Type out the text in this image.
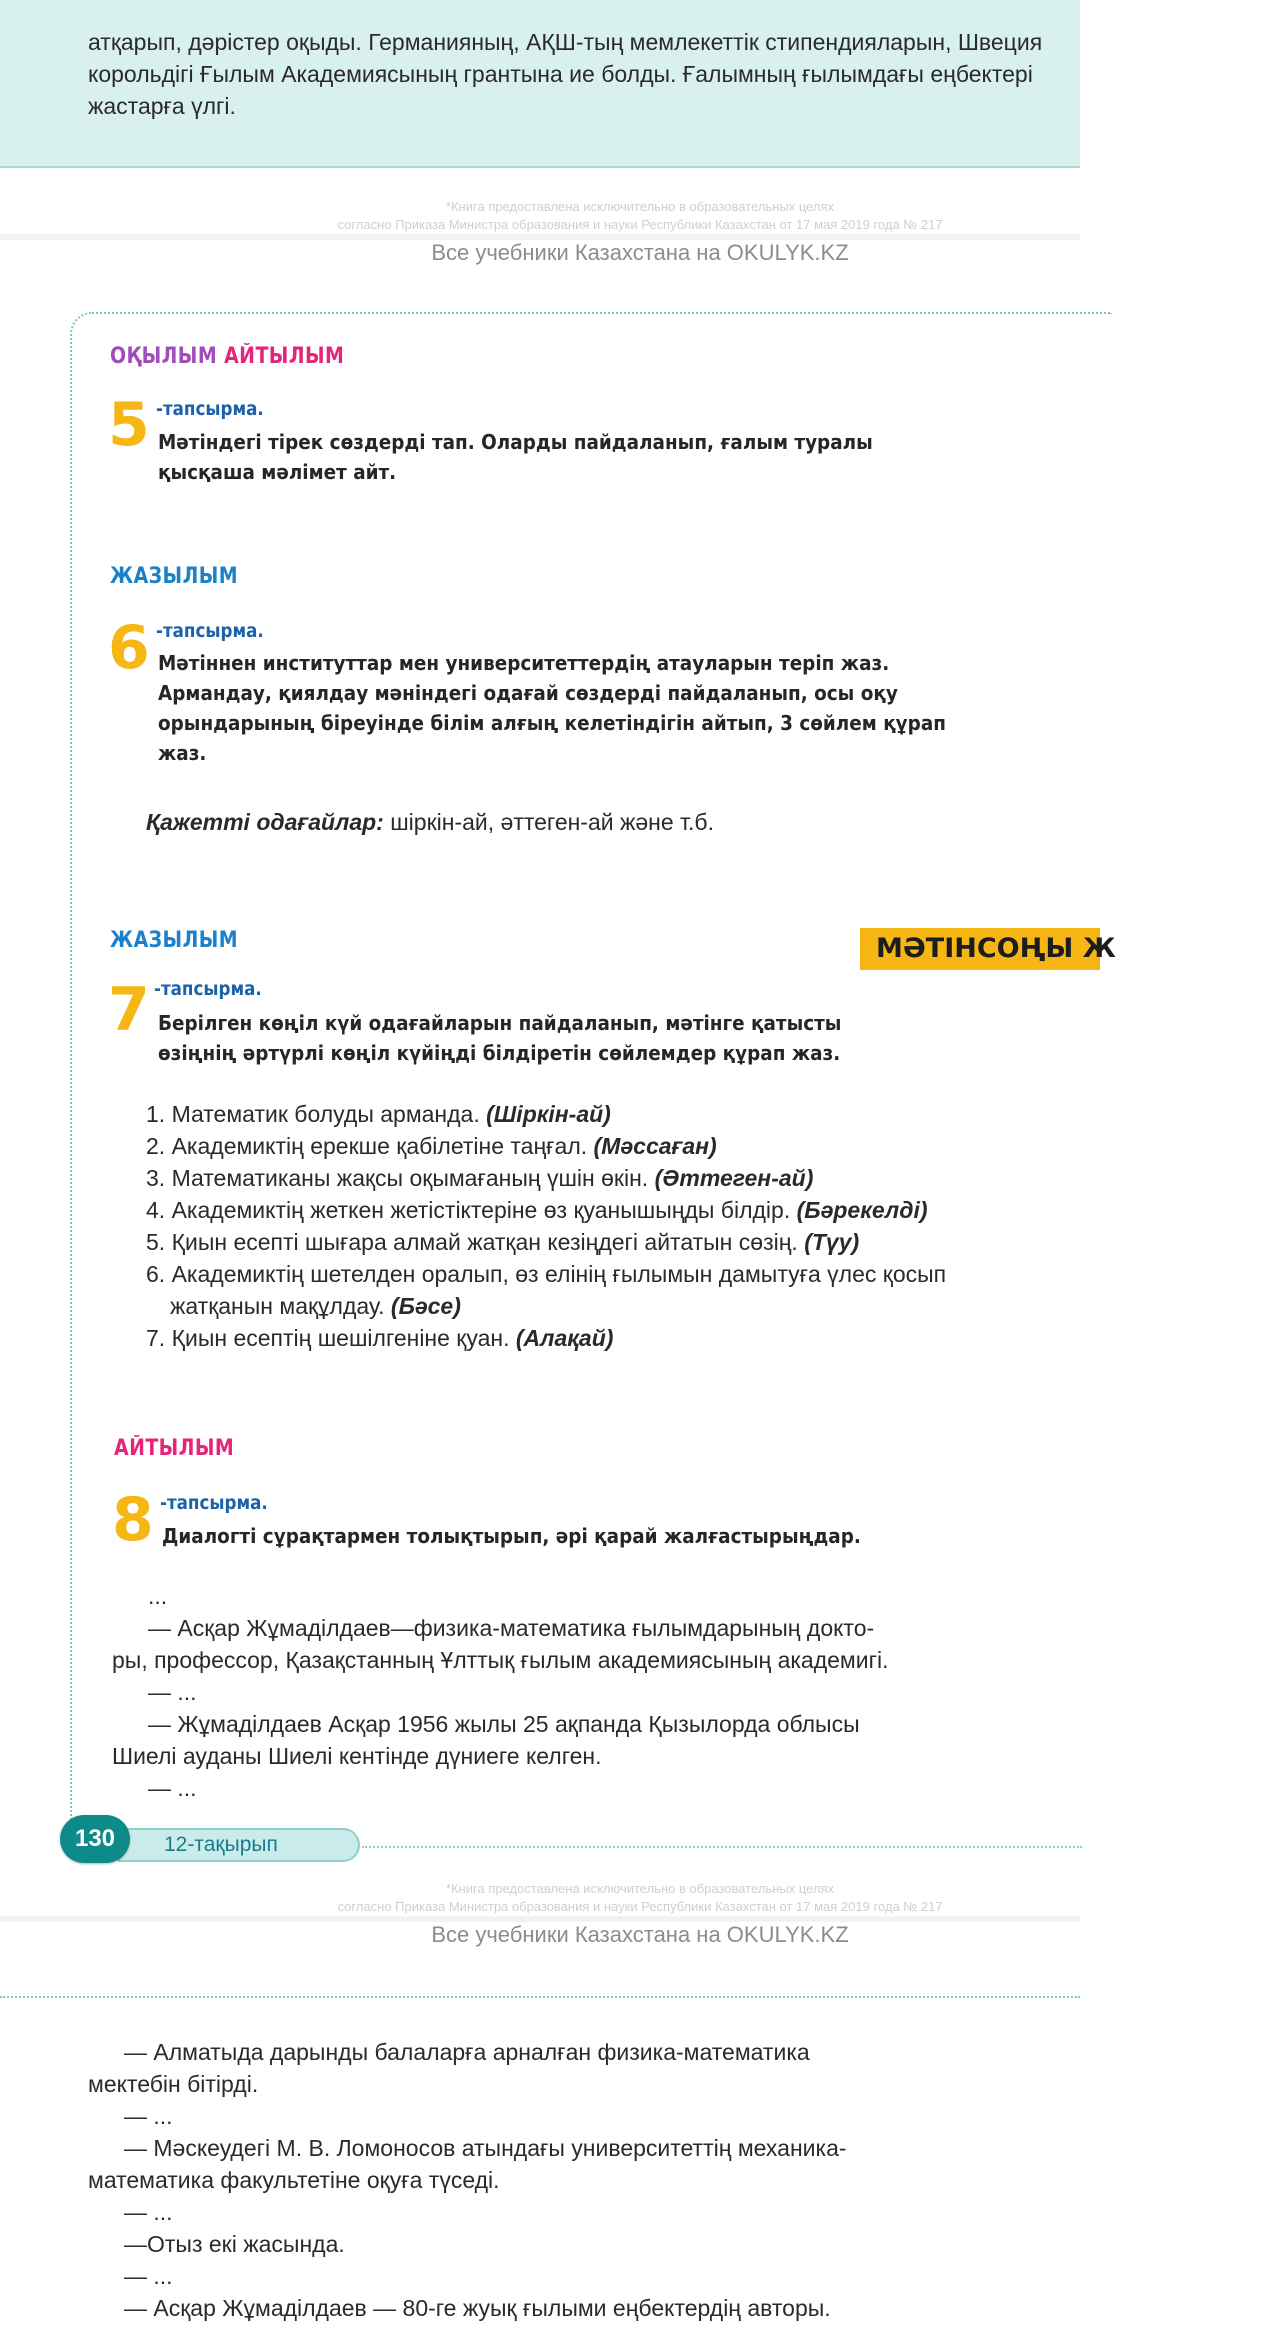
атқарып, дәрістер оқыды. Германияның, АҚШ-тың мемлекеттік стипендияларын, Швеция
корольдігі Ғылым Академиясының грантына ие болды. Ғалымның ғылымдағы еңбектері
жастарға үлгі.
*Книга предоставлена исключительно в образовательных целях
согласно Приказа Министра образования и науки Республики Казахстан от 17 мая 2019 года № 217
Все учебники Казахстана на OKULYK.KZ
ОҚЫЛЫМ АЙТЫЛЫМ
5 -тапсырма.
Мәтіндегі тірек сөздерді тап. Оларды пайдаланып, ғалым туралы
қысқаша мәлімет айт.
ЖАЗЫЛЫМ
6 -тапсырма.
Мәтіннен институттар мен университеттердің атауларын теріп жаз.
Армандау, қиялдау мәніндегі одағай сөздерді пайдаланып, осы оқу
орындарының біреуінде білім алғың келетіндігін айтып, 3 сөйлем құрап
жаз.
Қажетті одағайлар: шіркін-ай, әттеген-ай және т.б.
ЖАЗЫЛЫМ	МӘТІНСОҢЫ Ж
7 -тапсырма.
Берілген көңіл күй одағайларын пайдаланып, мәтінге қатысты
өзіңнің әртүрлі көңіл күйіңді білдіретін сөйлемдер құрап жаз.
1. Математик болуды арманда. (Шіркін-ай)
2. Академиктің ерекше қабілетіне таңғал. (Мәссаған)
3. Математиканы жақсы оқымағаның үшін өкін. (Әттеген-ай)
4. Академиктің жеткен жетістіктеріне өз қуанышыңды білдір. (Бәрекелді)
5. Қиын есепті шығара алмай жатқан кезіңдегі айтатын сөзің. (Түу)
6. Академиктің шетелден оралып, өз елінің ғылымын дамытуға үлес қосып
жатқанын мақұлдау. (Бәсе)
7. Қиын есептің шешілгеніне қуан. (Алақай)
АЙТЫЛЫМ
8 -тапсырма.
Диалогті сұрақтармен толықтырып, әрі қарай жалғастырыңдар.
...
— Асқар Жұмаділдаев—физика-математика ғылымдарының докто-
ры, профессор, Қазақстанның Ұлттық ғылым академиясының академигі.
— ...
— Жұмаділдаев Асқар 1956 жылы 25 ақпанда Қызылорда облысы
Шиелі ауданы Шиелі кентінде дүниеге келген.
— ...
12-тақырып
130
*Книга предоставлена исключительно в образовательных целях
согласно Приказа Министра образования и науки Республики Казахстан от 17 мая 2019 года № 217
Все учебники Казахстана на OKULYK.KZ
— Алматыда дарынды балаларға арналған физика-математика
мектебін бітірді.
— ...
— Мәскеудегі М. В. Ломоносов атындағы университеттің механика-
математика факультетіне оқуға түседі.
— ...
—Отыз екі жасында.
— ...
— Асқар Жұмаділдаев — 80-ге жуық ғылыми еңбектердің авторы.
